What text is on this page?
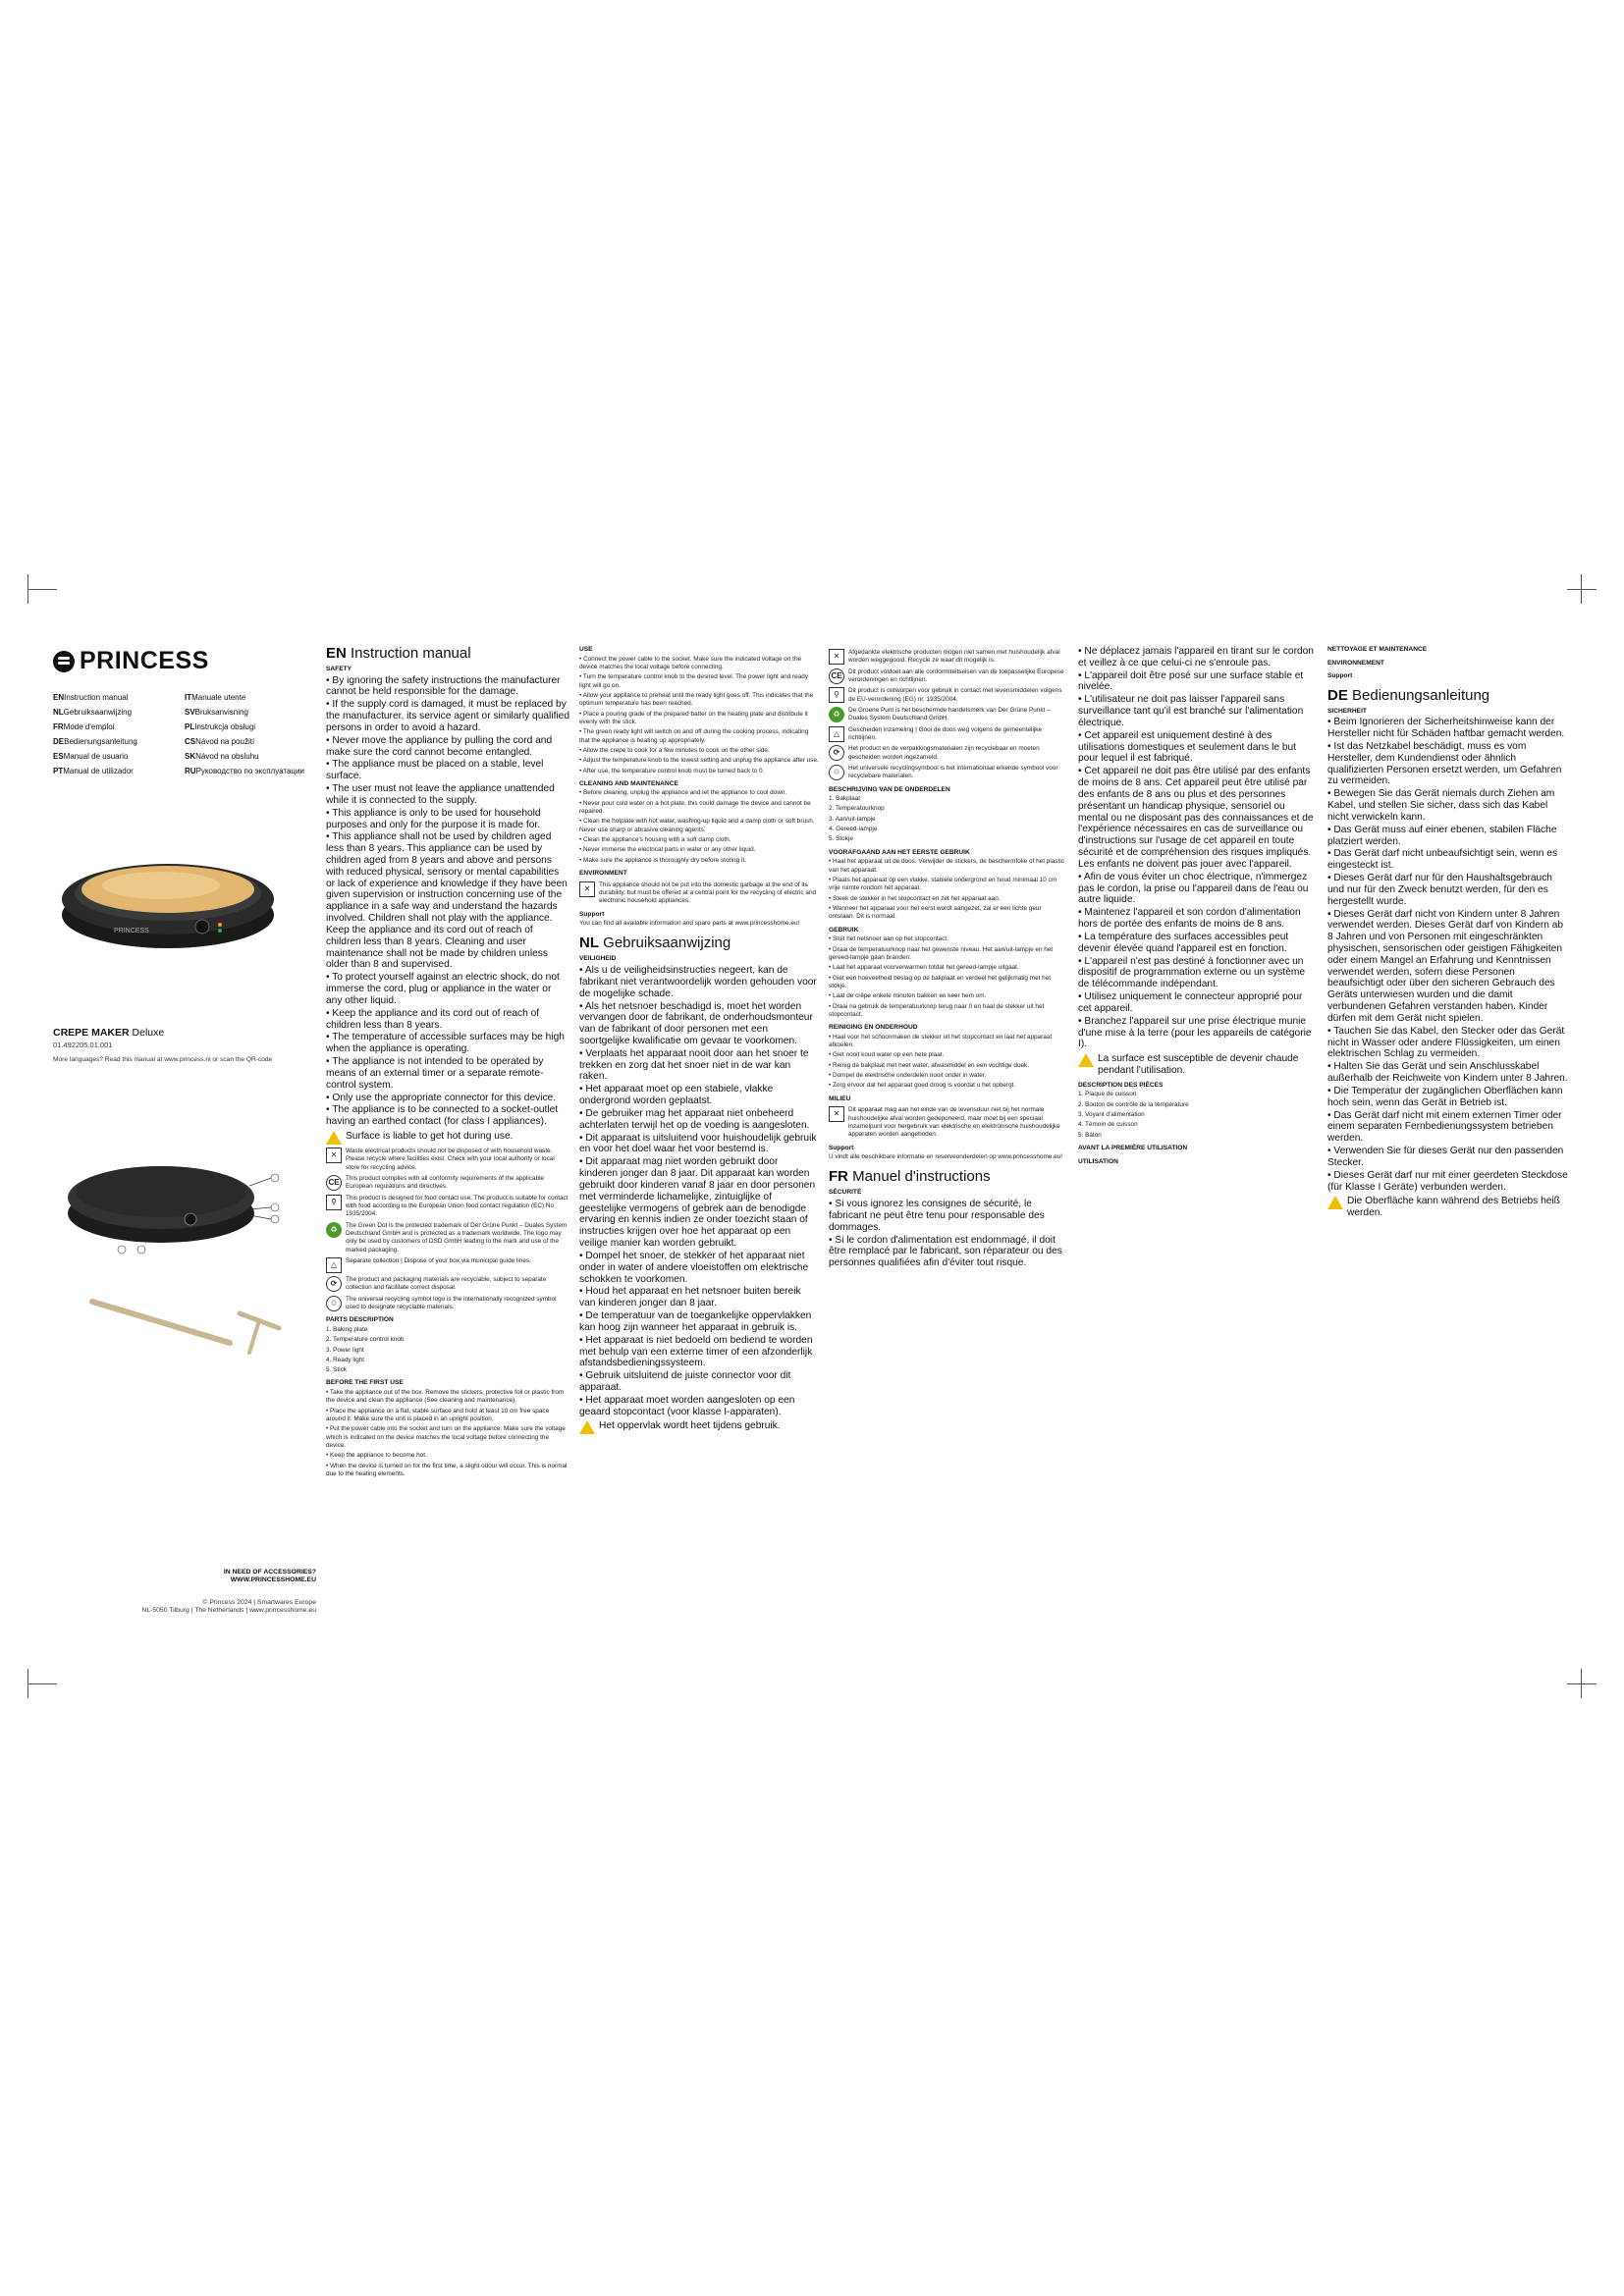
PRINCESS
ENInstruction manual	ITManuale utente
NLGebruiksaanwijzing	SVBruksanvisning
FRMode d'emploi	PLInstrukcja obsługi
DEBedienungsanleitung	CSNávod na použití
ESManual de usuario	SKNávod na obsluhu
PTManual de utilizador	RUРуководство по эксплуатации
PRINCESS
CREPE MAKER Deluxe
01.492205.01.001
More languages? Read this manual at www.princess.nl or scan the QR-code
IN NEED OF ACCESSORIES?
WWW.PRINCESSHOME.EU
© Princess 2024 | Smartwares Europe
NL-5050 Tilburg | The Netherlands | www.princesshome.eu
EN Instruction manual
SAFETY

• By ignoring the safety instructions the manufacturer cannot be held responsible for the damage.

• If the supply cord is damaged, it must be replaced by the manufacturer, its service agent or similarly qualified persons in order to avoid a hazard.

• Never move the appliance by pulling the cord and make sure the cord cannot become entangled.

• The appliance must be placed on a stable, level surface.

• The user must not leave the appliance unattended while it is connected to the supply.

• This appliance is only to be used for household purposes and only for the purpose it is made for.

• This appliance shall not be used by children aged less than 8 years. This appliance can be used by children aged from 8 years and above and persons with reduced physical, sensory or mental capabilities or lack of experience and knowledge if they have been given supervision or instruction concerning use of the appliance in a safe way and understand the hazards involved. Children shall not play with the appliance. Keep the appliance and its cord out of reach of children less than 8 years. Cleaning and user maintenance shall not be made by children unless older than 8 and supervised.

• To protect yourself against an electric shock, do not immerse the cord, plug or appliance in the water or any other liquid.

• Keep the appliance and its cord out of reach of children less than 8 years.

• The temperature of accessible surfaces may be high when the appliance is operating.

• The appliance is not intended to be operated by means of an external timer or a separate remote-control system.

• Only use the appropriate connector for this device.

• The appliance is to be connected to a socket-outlet having an earthed contact (for class I appliances).

Surface is liable to get hot during use.
✕	Waste electrical products should not be disposed of with household waste. Please recycle where facilities exist. Check with your local authority or local store for recycling advice.
CE	This product complies with all conformity requirements of the applicable European regulations and directives.
⚲	This product is designed for food contact use. The product is suitable for contact with food according to the European Union food contact regulation (EC) No 1935/2004.
♻	The Green Dot is the protected trademark of Der Grüne Punkt – Duales System Deutschland GmbH and is protected as a trademark worldwide. The logo may only be used by customers of DSD GmbH leading to the mark and use of the marked packaging.
△	Separate collection | Dispose of your box via municipal guide lines.
⟳	The product and packaging materials are recyclable, subject to separate collection and facilitate correct disposal.
♲	The universal recycling symbol logo is the internationally recognized symbol used to designate recyclable materials.
PARTS DESCRIPTION

1. Baking plate

2. Temperature control knob

3. Power light

4. Ready light

5. Stick

BEFORE THE FIRST USE

• Take the appliance out of the box. Remove the stickers, protective foil or plastic from the device and clean the appliance (See cleaning and maintenance).

• Place the appliance on a flat, stable surface and hold at least 10 cm free space around it. Make sure the unit is placed in an upright position.

• Put the power cable into the socket and turn on the appliance. Make sure the voltage which is indicated on the device matches the local voltage before connecting the device.

• Keep the appliance to become hot.

• When the device is turned on for the first time, a slight odour will occur. This is normal due to the heating elements.

USE

• Connect the power cable to the socket. Make sure the indicated voltage on the device matches the local voltage before connecting.

• Turn the temperature control knob to the desired level. The power light and ready light will go on.

• Allow your appliance to preheat until the ready light goes off. This indicates that the optimum temperature has been reached.

• Place a pouring grade of the prepared batter on the heating plate and distribute it evenly with the stick.

• The green ready light will switch on and off during the cooking process, indicating that the appliance is heating up appropriately.

• Allow the crepe to cook for a few minutes to cook on the other side.

• Adjust the temperature knob to the lowest setting and unplug the appliance after use.

• After use, the temperature control knob must be turned back to 0.

CLEANING AND MAINTENANCE

• Before cleaning, unplug the appliance and let the appliance to cool down.

• Never pour cold water on a hot plate, this could damage the device and cannot be repaired.

• Clean the hotplate with hot water, washing-up liquid and a damp cloth or soft brush. Never use sharp or abrasive cleaning agents.

• Clean the appliance's housing with a soft damp cloth.

• Never immerse the electrical parts in water or any other liquid.

• Make sure the appliance is thoroughly dry before storing it.

ENVIRONMENT
✕	This appliance should not be put into the domestic garbage at the end of its durability, but must be offered at a central point for the recycling of electric and electronic household appliances.
Support

You can find all available information and spare parts at www.princesshome.eu!

NL Gebruiksaanwijzing
VEILIGHEID

• Als u de veiligheidsinstructies negeert, kan de fabrikant niet verantwoordelijk worden gehouden voor de mogelijke schade.

• Als het netsnoer beschadigd is, moet het worden vervangen door de fabrikant, de onderhoudsmonteur van de fabrikant of door personen met een soortgelijke kwalificatie om gevaar te voorkomen.

• Verplaats het apparaat nooit door aan het snoer te trekken en zorg dat het snoer niet in de war kan raken.

• Het apparaat moet op een stabiele, vlakke ondergrond worden geplaatst.

• De gebruiker mag het apparaat niet onbeheerd achterlaten terwijl het op de voeding is aangesloten.

• Dit apparaat is uitsluitend voor huishoudelijk gebruik en voor het doel waar het voor bestemd is.

• Dit apparaat mag niet worden gebruikt door kinderen jonger dan 8 jaar. Dit apparaat kan worden gebruikt door kinderen vanaf 8 jaar en door personen met verminderde lichamelijke, zintuiglijke of geestelijke vermogens of gebrek aan de benodigde ervaring en kennis indien ze onder toezicht staan of instructies krijgen over hoe het apparaat op een veilige manier kan worden gebruikt.

• Dompel het snoer, de stekker of het apparaat niet onder in water of andere vloeistoffen om elektrische schokken te voorkomen.

• Houd het apparaat en het netsnoer buiten bereik van kinderen jonger dan 8 jaar.

• De temperatuur van de toegankelijke oppervlakken kan hoog zijn wanneer het apparaat in gebruik is.

• Het apparaat is niet bedoeld om bediend te worden met behulp van een externe timer of een afzonderlijk afstandsbedieningssysteem.

• Gebruik uitsluitend de juiste connector voor dit apparaat.

• Het apparaat moet worden aangesloten op een geaard stopcontact (voor klasse I-apparaten).

Het oppervlak wordt heet tijdens gebruik.
✕	Afgedankte elektrische producten mogen niet samen met huishoudelijk afval worden weggegooid. Recycle ze waar dit mogelijk is.
CE	Dit product voldoet aan alle conformiteitseisen van de toepasselijke Europese verordeningen en richtlijnen.
⚲	Dit product is ontworpen voor gebruik in contact met levensmiddelen volgens de EU-verordening (EG) nr. 1935/2004.
♻	De Groene Punt is het beschermde handelsmerk van Der Grüne Punkt – Duales System Deutschland GmbH.
△	Gescheiden inzameling | Gooi de doos weg volgens de gemeentelijke richtlijnen.
⟳	Het product en de verpakkingsmaterialen zijn recyclebaar en moeten gescheiden worden ingezameld.
♲	Het universele recyclingsymbool is het internationaal erkende symbool voor recyclebare materialen.
BESCHRIJVING VAN DE ONDERDELEN

1. Bakplaat

2. Temperatuurknop

3. Aan/uit-lampje

4. Gereed-lampje

5. Stokje

VOORAFGAAND AAN HET EERSTE GEBRUIK

• Haal het apparaat uit de doos. Verwijder de stickers, de beschermfolie of het plastic van het apparaat.

• Plaats het apparaat op een vlakke, stabiele ondergrond en houd minimaal 10 cm vrije ruimte rondom het apparaat.

• Steek de stekker in het stopcontact en zet het apparaat aan.

• Wanneer het apparaat voor het eerst wordt aangezet, zal er een lichte geur ontstaan. Dit is normaal.

GEBRUIK

• Sluit het netsnoer aan op het stopcontact.

• Draai de temperatuurknop naar het gewenste niveau. Het aan/uit-lampje en het gereed-lampje gaan branden.

• Laat het apparaat voorverwarmen totdat het gereed-lampje uitgaat.

• Giet een hoeveelheid beslag op de bakplaat en verdeel het gelijkmatig met het stokje.

• Laat de crêpe enkele minuten bakken en keer hem om.

• Draai na gebruik de temperatuurknop terug naar 0 en haal de stekker uit het stopcontact.

REINIGING EN ONDERHOUD

• Haal voor het schoonmaken de stekker uit het stopcontact en laat het apparaat afkoelen.

• Giet nooit koud water op een hete plaat.

• Reinig de bakplaat met heet water, afwasmiddel en een vochtige doek.

• Dompel de elektrische onderdelen nooit onder in water.

• Zorg ervoor dat het apparaat goed droog is voordat u het opbergt.

MILIEU
✕	Dit apparaat mag aan het einde van de levensduur niet bij het normale huishoudelijke afval worden gedeponeerd, maar moet bij een speciaal inzamelpunt voor hergebruik van elektrische en elektronische huishoudelijke apparaten worden aangeboden.
Support

U vindt alle beschikbare informatie en reserveonderdelen op www.princesshome.eu!

FR Manuel d'instructions
SÉCURITÉ

• Si vous ignorez les consignes de sécurité, le fabricant ne peut être tenu pour responsable des dommages.

• Si le cordon d'alimentation est endommagé, il doit être remplacé par le fabricant, son réparateur ou des personnes qualifiées afin d'éviter tout risque.

• Ne déplacez jamais l'appareil en tirant sur le cordon et veillez à ce que celui-ci ne s'enroule pas.

• L'appareil doit être posé sur une surface stable et nivelée.

• L'utilisateur ne doit pas laisser l'appareil sans surveillance tant qu'il est branché sur l'alimentation électrique.

• Cet appareil est uniquement destiné à des utilisations domestiques et seulement dans le but pour lequel il est fabriqué.

• Cet appareil ne doit pas être utilisé par des enfants de moins de 8 ans. Cet appareil peut être utilisé par des enfants de 8 ans ou plus et des personnes présentant un handicap physique, sensoriel ou mental ou ne disposant pas des connaissances et de l'expérience nécessaires en cas de surveillance ou d'instructions sur l'usage de cet appareil en toute sécurité et de compréhension des risques impliqués. Les enfants ne doivent pas jouer avec l'appareil.

• Afin de vous éviter un choc électrique, n'immergez pas le cordon, la prise ou l'appareil dans de l'eau ou autre liquide.

• Maintenez l'appareil et son cordon d'alimentation hors de portée des enfants de moins de 8 ans.

• La température des surfaces accessibles peut devenir élevée quand l'appareil est en fonction.

• L'appareil n'est pas destiné à fonctionner avec un dispositif de programmation externe ou un système de télécommande indépendant.

• Utilisez uniquement le connecteur approprié pour cet appareil.

• Branchez l'appareil sur une prise électrique munie d'une mise à la terre (pour les appareils de catégorie I).

La surface est susceptible de devenir chaude pendant l'utilisation.
DESCRIPTION DES PIÈCES

1. Plaque de cuisson

2. Bouton de contrôle de la température

3. Voyant d'alimentation

4. Témoin de cuisson

5. Bâton

AVANT LA PREMIÈRE UTILISATION
UTILISATION
NETTOYAGE ET MAINTENANCE
ENVIRONNEMENT
Support
DE Bedienungsanleitung
SICHERHEIT

• Beim Ignorieren der Sicherheitshinweise kann der Hersteller nicht für Schäden haftbar gemacht werden.

• Ist das Netzkabel beschädigt, muss es vom Hersteller, dem Kundendienst oder ähnlich qualifizierten Personen ersetzt werden, um Gefahren zu vermeiden.

• Bewegen Sie das Gerät niemals durch Ziehen am Kabel, und stellen Sie sicher, dass sich das Kabel nicht verwickeln kann.

• Das Gerät muss auf einer ebenen, stabilen Fläche platziert werden.

• Das Gerät darf nicht unbeaufsichtigt sein, wenn es eingesteckt ist.

• Dieses Gerät darf nur für den Haushaltsgebrauch und nur für den Zweck benutzt werden, für den es hergestellt wurde.

• Dieses Gerät darf nicht von Kindern unter 8 Jahren verwendet werden. Dieses Gerät darf von Kindern ab 8 Jahren und von Personen mit eingeschränkten physischen, sensorischen oder geistigen Fähigkeiten oder einem Mangel an Erfahrung und Kenntnissen verwendet werden, sofern diese Personen beaufsichtigt oder über den sicheren Gebrauch des Geräts unterwiesen wurden und die damit verbundenen Gefahren verstanden haben. Kinder dürfen mit dem Gerät nicht spielen.

• Tauchen Sie das Kabel, den Stecker oder das Gerät nicht in Wasser oder andere Flüssigkeiten, um einen elektrischen Schlag zu vermeiden.

• Halten Sie das Gerät und sein Anschlusskabel außerhalb der Reichweite von Kindern unter 8 Jahren.

• Die Temperatur der zugänglichen Oberflächen kann hoch sein, wenn das Gerät in Betrieb ist.

• Das Gerät darf nicht mit einem externen Timer oder einem separaten Fernbedienungssystem betrieben werden.

• Verwenden Sie für dieses Gerät nur den passenden Stecker.

• Dieses Gerät darf nur mit einer geerdeten Steckdose (für Klasse I Geräte) verbunden werden.

Die Oberfläche kann während des Betriebs heiß werden.
